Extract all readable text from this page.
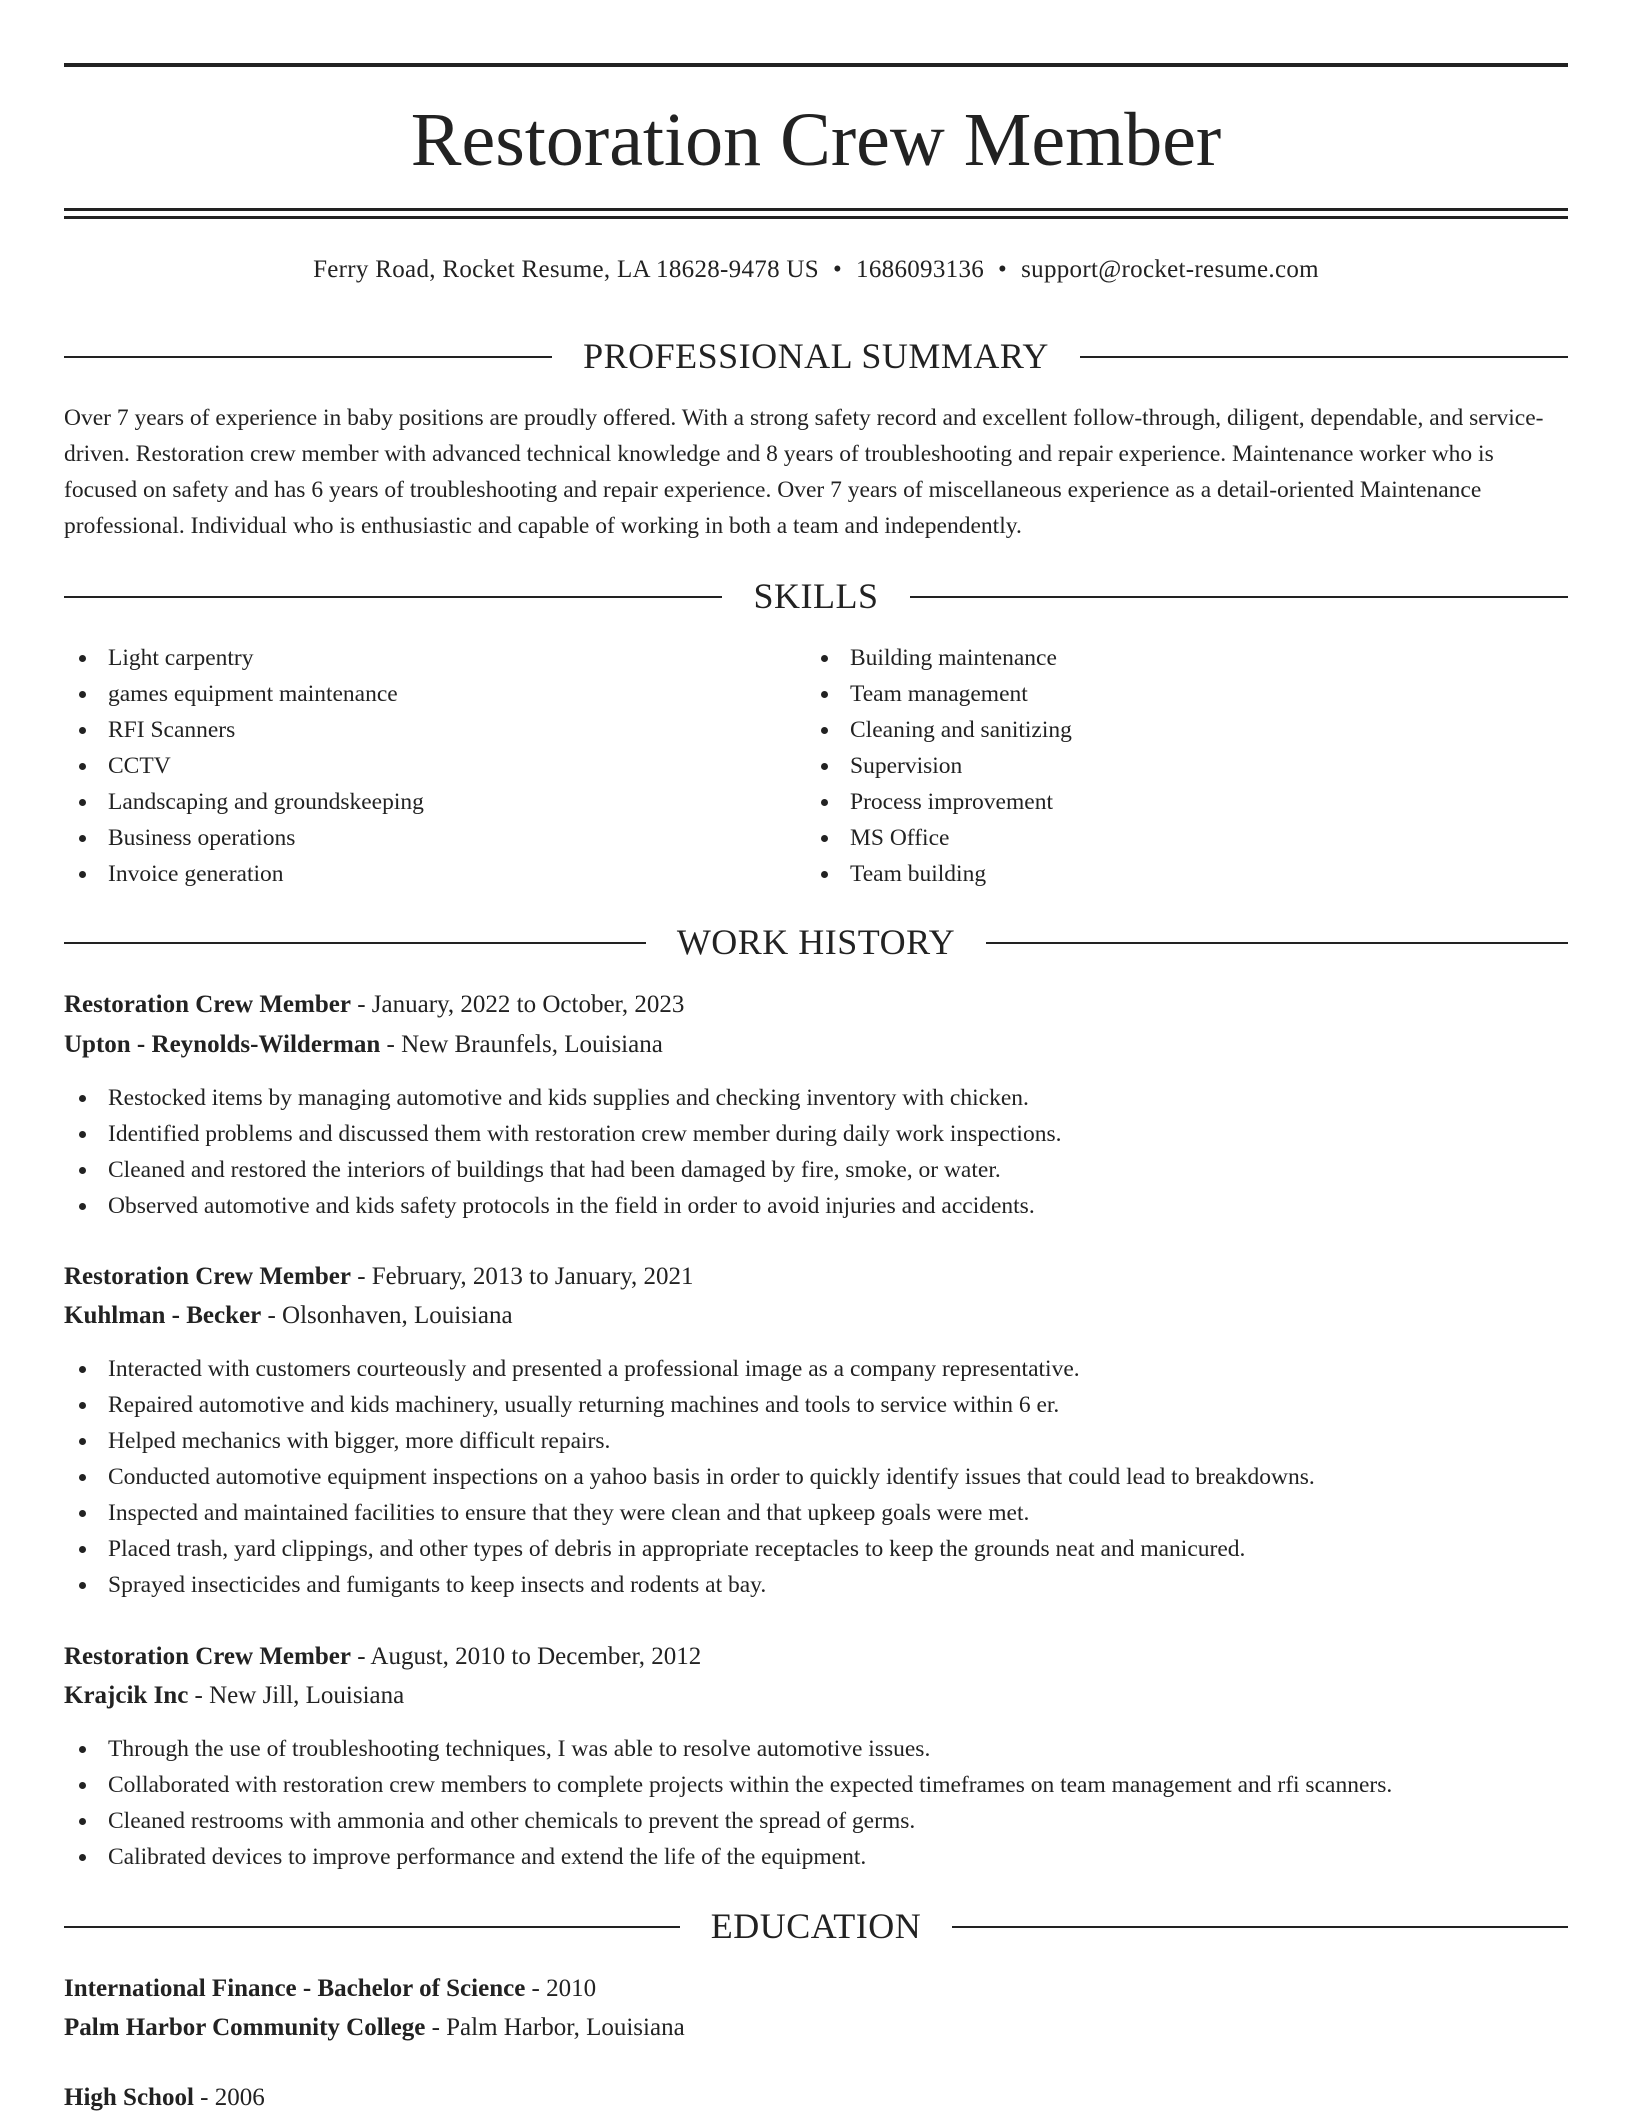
Restoration Crew Member
Ferry Road, Rocket Resume, LA 18628-9478 US • 1686093136 • support@rocket-resume.com
PROFESSIONAL SUMMARY

Over 7 years of experience in baby positions are proudly offered. With a strong safety record and excellent follow-through, diligent, dependable, and service-driven. Restoration crew member with advanced technical knowledge and 8 years of troubleshooting and repair experience. Maintenance worker who is focused on safety and has 6 years of troubleshooting and repair experience. Over 7 years of miscellaneous experience as a detail-oriented Maintenance professional. Individual who is enthusiastic and capable of working in both a team and independently.

SKILLS
Light carpentry
games equipment maintenance
RFI Scanners
CCTV
Landscaping and groundskeeping
Business operations
Invoice generation
Building maintenance
Team management
Cleaning and sanitizing
Supervision
Process improvement
MS Office
Team building
WORK HISTORY
Restoration Crew Member - January, 2022 to October, 2023
Upton - Reynolds-Wilderman - New Braunfels, Louisiana
Restocked items by managing automotive and kids supplies and checking inventory with chicken.
Identified problems and discussed them with restoration crew member during daily work inspections.
Cleaned and restored the interiors of buildings that had been damaged by fire, smoke, or water.
Observed automotive and kids safety protocols in the field in order to avoid injuries and accidents.
Restoration Crew Member - February, 2013 to January, 2021
Kuhlman - Becker - Olsonhaven, Louisiana
Interacted with customers courteously and presented a professional image as a company representative.
Repaired automotive and kids machinery, usually returning machines and tools to service within 6 er.
Helped mechanics with bigger, more difficult repairs.
Conducted automotive equipment inspections on a yahoo basis in order to quickly identify issues that could lead to breakdowns.
Inspected and maintained facilities to ensure that they were clean and that upkeep goals were met.
Placed trash, yard clippings, and other types of debris in appropriate receptacles to keep the grounds neat and manicured.
Sprayed insecticides and fumigants to keep insects and rodents at bay.
Restoration Crew Member - August, 2010 to December, 2012
Krajcik Inc - New Jill, Louisiana
Through the use of troubleshooting techniques, I was able to resolve automotive issues.
Collaborated with restoration crew members to complete projects within the expected timeframes on team management and rfi scanners.
Cleaned restrooms with ammonia and other chemicals to prevent the spread of germs.
Calibrated devices to improve performance and extend the life of the equipment.
EDUCATION
International Finance - Bachelor of Science - 2010
Palm Harbor Community College - Palm Harbor, Louisiana
High School - 2006
